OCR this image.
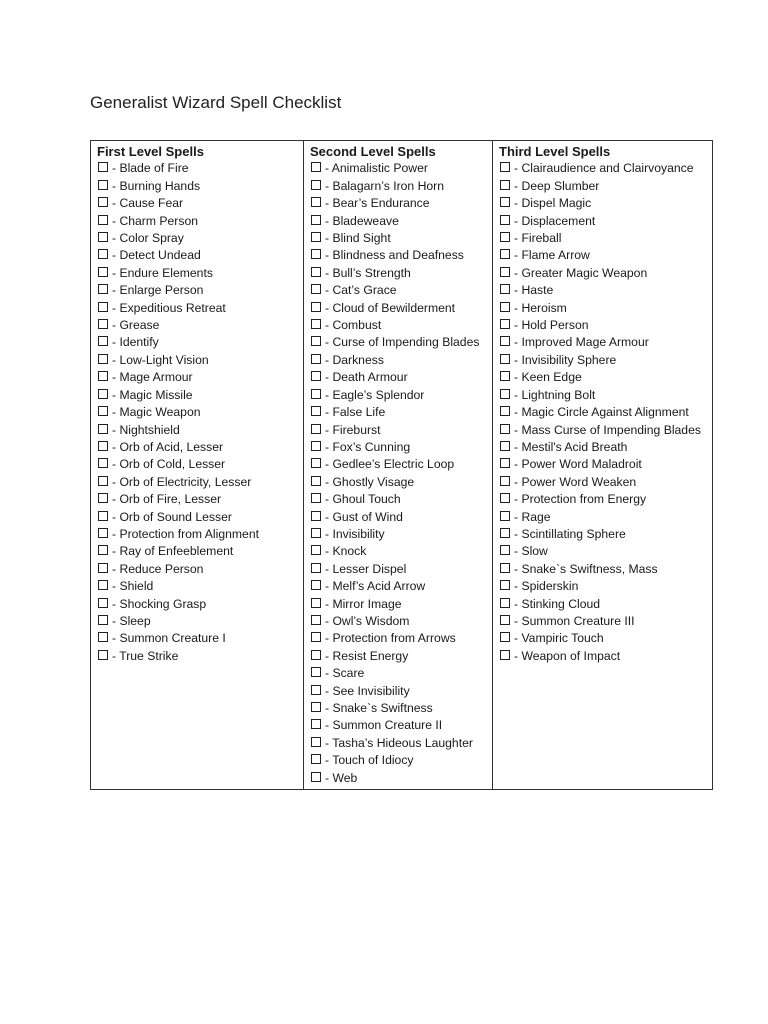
Generalist Wizard Spell Checklist
First Level Spells
- Blade of Fire
- Burning Hands
- Cause Fear
- Charm Person
- Color Spray
- Detect Undead
- Endure Elements
- Enlarge Person
- Expeditious Retreat
- Grease
- Identify
- Low-Light Vision
- Mage Armour
- Magic Missile
- Magic Weapon
- Nightshield
- Orb of Acid, Lesser
- Orb of Cold, Lesser
- Orb of Electricity, Lesser
- Orb of Fire, Lesser
- Orb of Sound Lesser
- Protection from Alignment
- Ray of Enfeeblement
- Reduce Person
- Shield
- Shocking Grasp
- Sleep
- Summon Creature I
- True Strike

Second Level Spells
- Animalistic Power
- Balagarn’s Iron Horn
- Bear’s Endurance
- Bladeweave
- Blind Sight
- Blindness and Deafness
- Bull’s Strength
- Cat’s Grace
- Cloud of Bewilderment
- Combust
- Curse of Impending Blades
- Darkness
- Death Armour
- Eagle’s Splendor
- False Life
- Fireburst
- Fox’s Cunning
- Gedlee’s Electric Loop
- Ghostly Visage
- Ghoul Touch
- Gust of Wind
- Invisibility
- Knock
- Lesser Dispel
- Melf’s Acid Arrow
- Mirror Image
- Owl’s Wisdom
- Protection from Arrows
- Resist Energy
- Scare
- See Invisibility
- Snake`s Swiftness
- Summon Creature II
- Tasha’s Hideous Laughter
- Touch of Idiocy
- Web

Third Level Spells
- Clairaudience and Clairvoyance
- Deep Slumber
- Dispel Magic
- Displacement
- Fireball
- Flame Arrow
- Greater Magic Weapon
- Haste
- Heroism
- Hold Person
- Improved Mage Armour
- Invisibility Sphere
- Keen Edge
- Lightning Bolt
- Magic Circle Against Alignment
- Mass Curse of Impending Blades
- Mestil's Acid Breath
- Power Word Maladroit
- Power Word Weaken
- Protection from Energy
- Rage
- Scintillating Sphere
- Slow
- Snake`s Swiftness, Mass
- Spiderskin
- Stinking Cloud
- Summon Creature III
- Vampiric Touch
- Weapon of Impact
